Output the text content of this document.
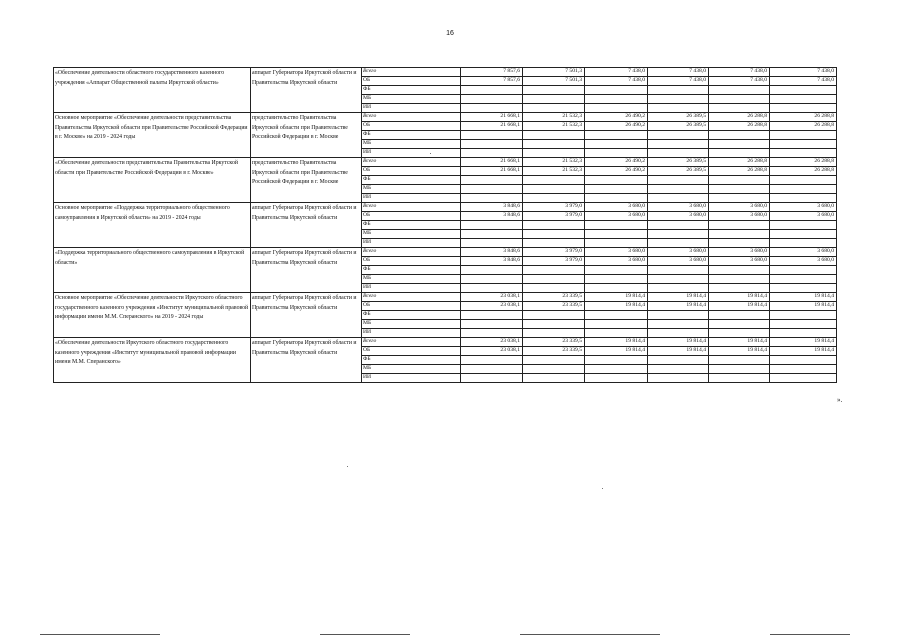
16
«Обеспечение деятельности областного государственного казенного учреждения «Аппарат Общественной палаты Иркутской области»	аппарат Губернатора Иркутской области и Правительства Иркутской области	Всего	7 857,6	7 501,3	7 438,0	7 438,0	7 438,0	7 438,0
		ОБ	7 857,6	7 501,3	7 438,0	7 438,0	7 438,0	7 438,0
		ФБ						
		МБ						
		ИИ						
Основное мероприятие «Обеспечение деятельности представительства Правительства Иркутской области при Правительстве Российской Федерации в г. Москве» на 2019 - 2024 годы	представительство Правительства Иркутской области при Правительстве Российской Федерации в г. Москве	Всего	21 668,1	21 532,3	26 490,2	26 389,5	26 288,8	26 288,8
		ОБ	21 668,1	21 532,3	26 490,2	26 389,5	26 288,8	26 288,8
		ФБ						
		МБ						
		ИИ						
«Обеспечение деятельности представительства Правительства Иркутской области при Правительстве Российской Федерации в г. Москве»	представительство Правительства Иркутской области при Правительстве Российской Федерации в г. Москве	Всего	21 668,1	21 532,3	26 490,2	26 389,5	26 288,8	26 288,8
		ОБ	21 668,1	21 532,3	26 490,2	26 389,5	26 288,8	26 288,8
		ФБ						
		МБ						
		ИИ						
Основное мероприятие «Поддержка территориального общественного самоуправления в Иркутской области» на 2019 - 2024 годы	аппарат Губернатора Иркутской области и Правительства Иркутской области	Всего	3 848,6	3 979,0	3 680,0	3 680,0	3 680,0	3 680,0
		ОБ	3 848,6	3 979,0	3 680,0	3 680,0	3 680,0	3 680,0
		ФБ						
		МБ						
		ИИ						
«Поддержка территориального общественного самоуправления в Иркутской области»	аппарат Губернатора Иркутской области и Правительства Иркутской области	Всего	3 848,6	3 979,0	3 680,0	3 680,0	3 680,0	3 680,0
		ОБ	3 848,6	3 979,0	3 680,0	3 680,0	3 680,0	3 680,0
		ФБ						
		МБ						
		ИИ						
Основное мероприятие «Обеспечение деятельности Иркутского областного государственного казенного учреждения «Институт муниципальной правовой информации имени М.М. Сперанского» на 2019 - 2024 годы	аппарат Губернатора Иркутской области и Правительства Иркутской области	Всего	23 038,1	23 339,5	19 814,4	19 814,4	19 814,4	19 814,4
		ОБ	23 038,1	23 339,5	19 814,4	19 814,4	19 814,4	19 814,4
		ФБ						
		МБ						
		ИИ						
«Обеспечение деятельности Иркутского областного государственного казенного учреждения «Институт муниципальной правовой информации имени М.М. Сперанского»	аппарат Губернатора Иркутской области и Правительства Иркутской области	Всего	23 038,1	23 339,5	19 814,4	19 814,4	19 814,4	19 814,4
		ОБ	23 038,1	23 339,5	19 814,4	19 814,4	19 814,4	19 814,4
		ФБ						
		МБ						
		ИИ						
».
